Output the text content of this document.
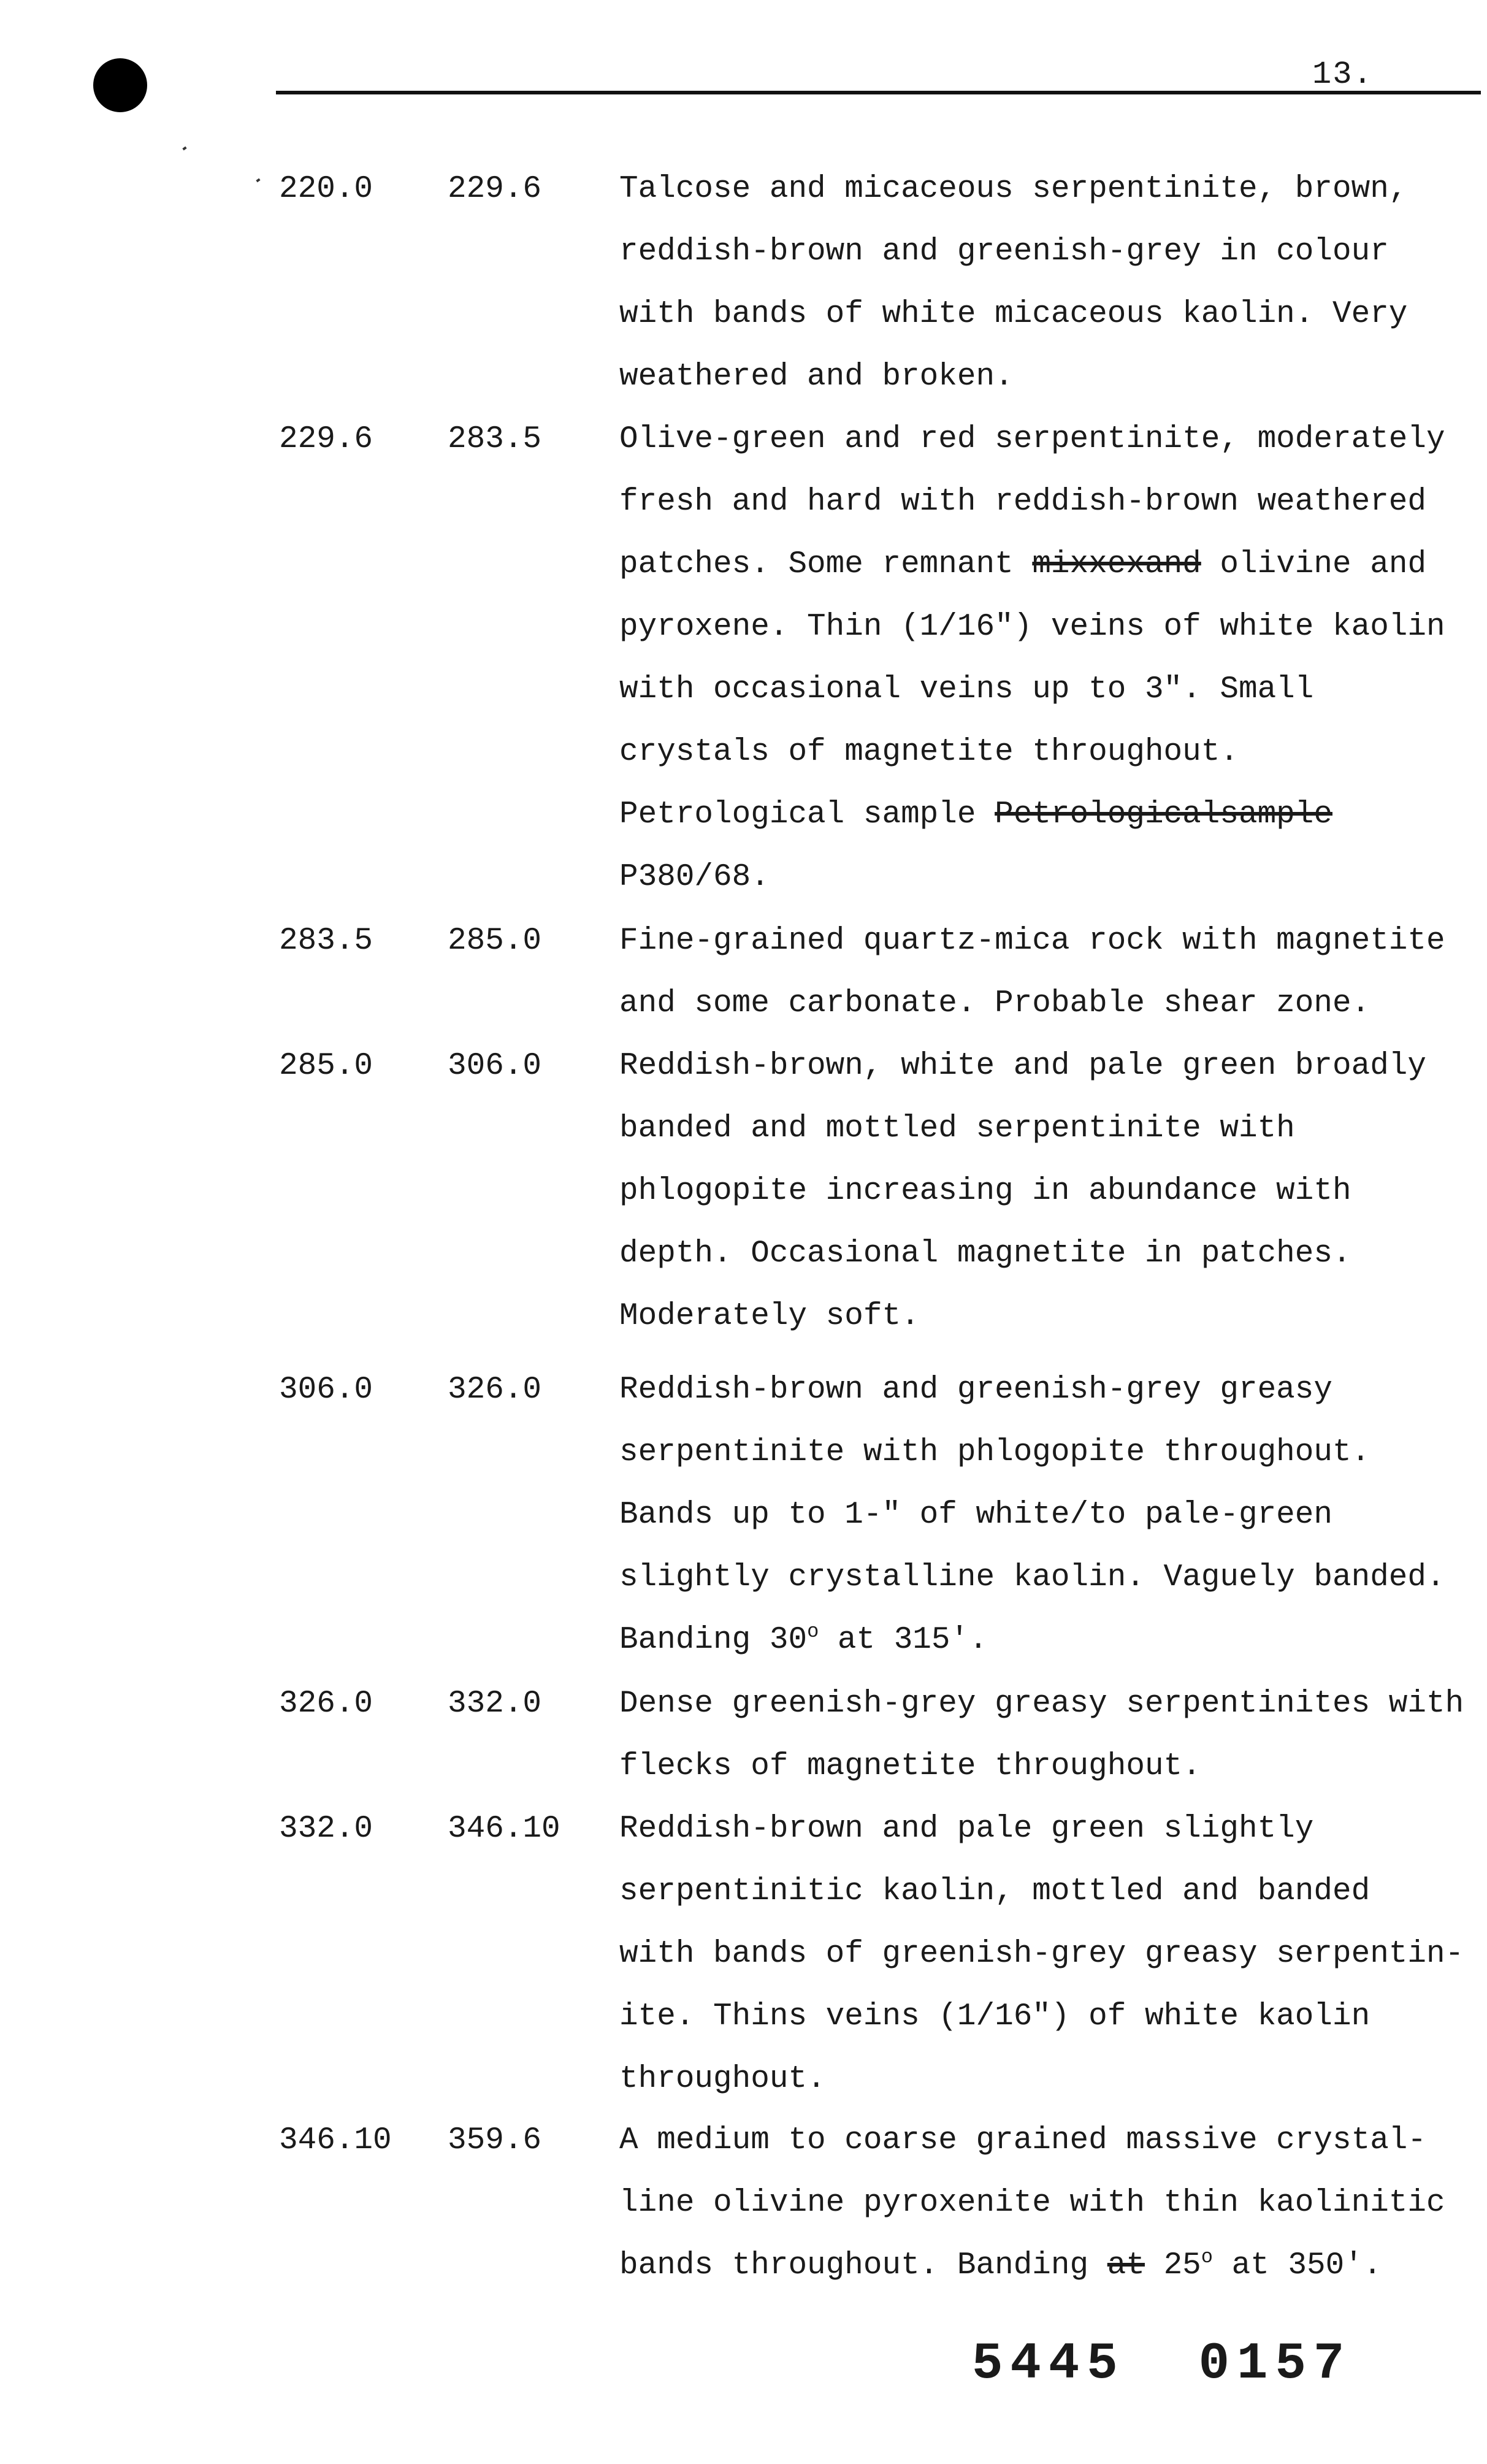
13.
220.0 229.6 Talcose and micaceous serpentinite, brown,
reddish-brown and greenish-grey in colour
with bands of white micaceous kaolin. Very
weathered and broken.
229.6 283.5 Olive-green and red serpentinite, moderately
fresh and hard with reddish-brown weathered
patches. Some remnant mixxexand olivine and
pyroxene. Thin (1/16") veins of white kaolin
with occasional veins up to 3". Small
crystals of magnetite throughout.
Petrological sample Petrologicalsample
P380/68.
283.5 285.0 Fine-grained quartz-mica rock with magnetite
and some carbonate. Probable shear zone.
285.0 306.0 Reddish-brown, white and pale green broadly
banded and mottled serpentinite with
phlogopite increasing in abundance with
depth. Occasional magnetite in patches.
Moderately soft.
306.0 326.0 Reddish-brown and greenish-grey greasy
serpentinite with phlogopite throughout.
Bands up to 1-" of white/to pale-green
slightly crystalline kaolin. Vaguely banded.
Banding 30$^o$ at 315'.
326.0 332.0 Dense greenish-grey greasy serpentinites with
flecks of magnetite throughout.
332.0 346.10 Reddish-brown and pale green slightly
serpentinitic kaolin, mottled and banded
with bands of greenish-grey greasy serpentin-
ite. Thins veins (1/16") of white kaolin
throughout.
346.10 359.6 A medium to coarse grained massive crystal-
line olivine pyroxenite with thin kaolinitic
bands throughout. Banding at 25$^o$ at 350'.
5445 0157
